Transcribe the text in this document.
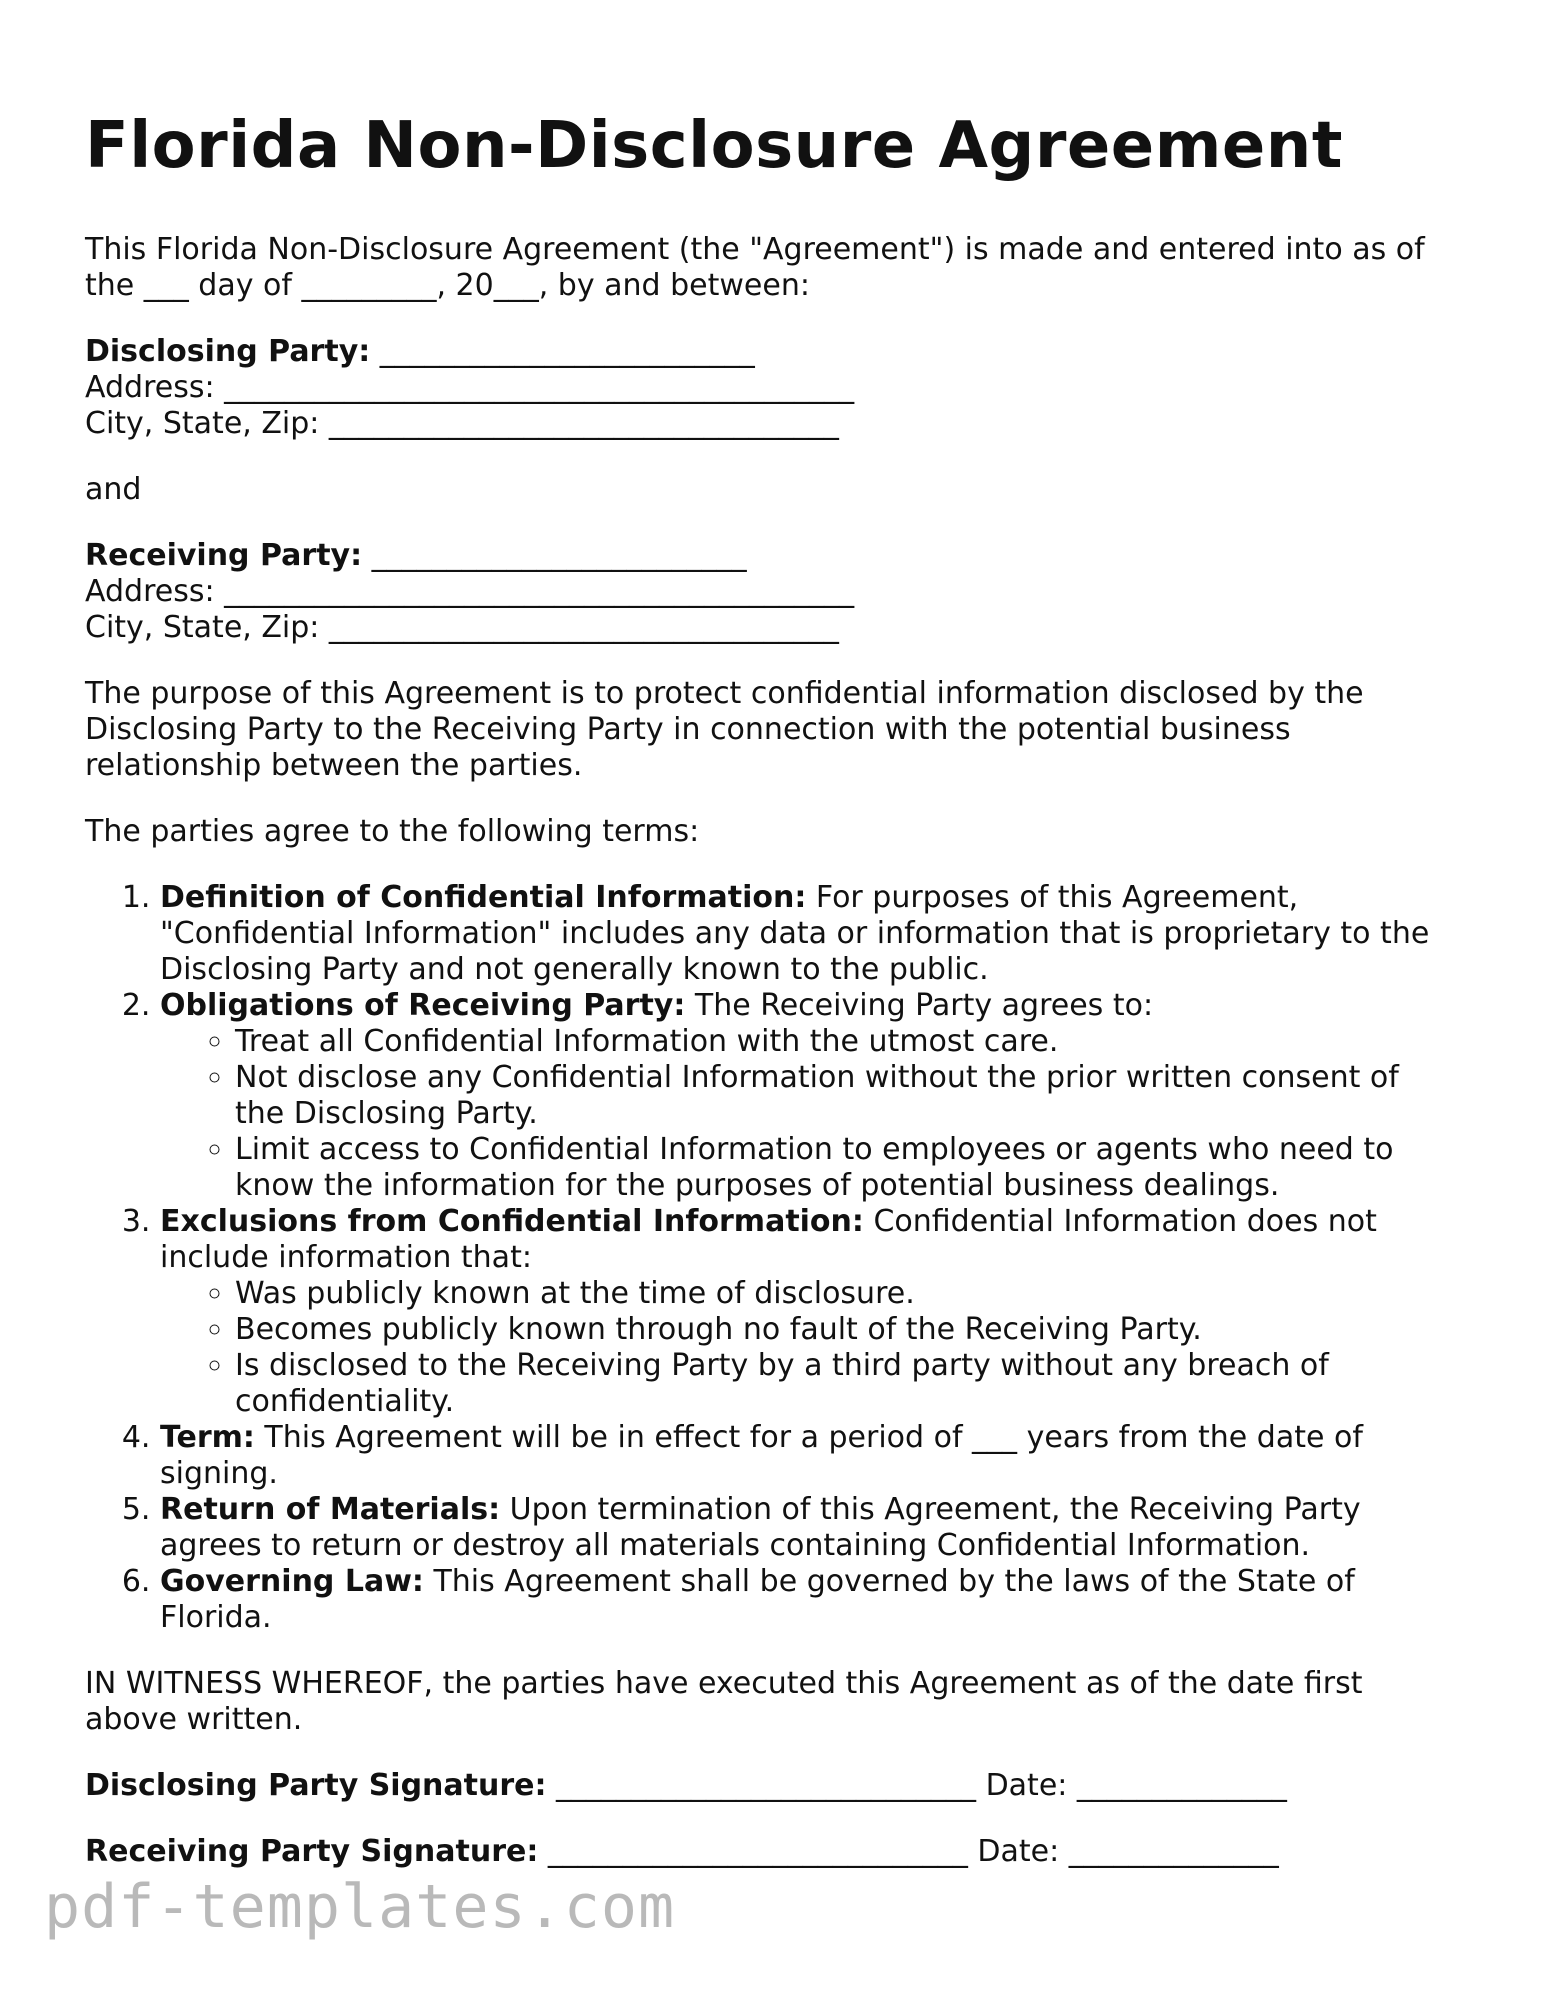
Florida Non-Disclosure Agreement

This Florida Non-Disclosure Agreement (the "Agreement") is made and entered into as of the ___ day of _________, 20___, by and between:

Disclosing Party: _________________________
Address: __________________________________________
City, State, Zip: __________________________________

and

Receiving Party: _________________________
Address: __________________________________________
City, State, Zip: __________________________________

The purpose of this Agreement is to protect confidential information disclosed by the Disclosing Party to the Receiving Party in connection with the potential business relationship between the parties.

The parties agree to the following terms:

1. Definition of Confidential Information: For purposes of this Agreement, "Confidential Information" includes any data or information that is proprietary to the Disclosing Party and not generally known to the public.
2. Obligations of Receiving Party: The Receiving Party agrees to:
◦ Treat all Confidential Information with the utmost care.
◦ Not disclose any Confidential Information without the prior written consent of the Disclosing Party.
◦ Limit access to Confidential Information to employees or agents who need to know the information for the purposes of potential business dealings.
3. Exclusions from Confidential Information: Confidential Information does not include information that:
◦ Was publicly known at the time of disclosure.
◦ Becomes publicly known through no fault of the Receiving Party.
◦ Is disclosed to the Receiving Party by a third party without any breach of confidentiality.
4. Term: This Agreement will be in effect for a period of ___ years from the date of signing.
5. Return of Materials: Upon termination of this Agreement, the Receiving Party agrees to return or destroy all materials containing Confidential Information.
6. Governing Law: This Agreement shall be governed by the laws of the State of Florida.

IN WITNESS WHEREOF, the parties have executed this Agreement as of the date first above written.

Disclosing Party Signature: ____________________________ Date: ______________

Receiving Party Signature: ____________________________ Date: ______________

pdf-templates.com
